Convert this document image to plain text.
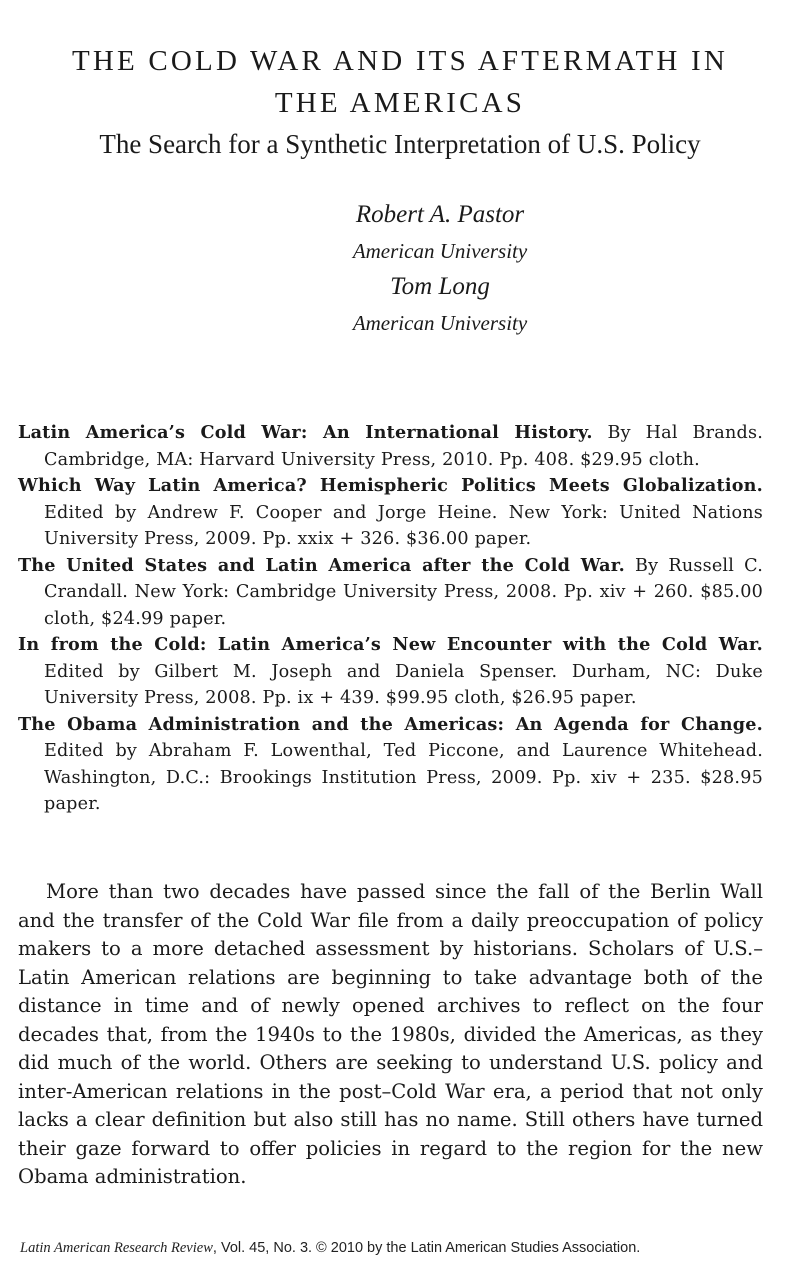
THE COLD WAR AND ITS AFTERMATH IN
THE AMERICAS
The Search for a Synthetic Interpretation of U.S. Policy
Robert A. Pastor
American University
Tom Long
American University

Latin America’s Cold War: An International History. By Hal Brands. Cambridge, MA: Harvard University Press, 2010. Pp. 408. $29.95 cloth.

Which Way Latin America? Hemispheric Politics Meets Globalization. Edited by Andrew F. Cooper and Jorge Heine. New York: United Nations University Press, 2009. Pp. xxix + 326. $36.00 paper.

The United States and Latin America after the Cold War. By Russell C. Crandall. New York: Cambridge University Press, 2008. Pp. xiv + 260. $85.00 cloth, $24.99 paper.

In from the Cold: Latin America’s New Encounter with the Cold War. Edited by Gilbert M. Joseph and Daniela Spenser. Durham, NC: Duke University Press, 2008. Pp. ix + 439. $99.95 cloth, $26.95 paper.

The Obama Administration and the Americas: An Agenda for Change. Edited by Abraham F. Lowenthal, Ted Piccone, and Laurence Whitehead. Washington, D.C.: Brookings Institution Press, 2009. Pp. xiv + 235. $28.95 paper.

More than two decades have passed since the fall of the Berlin Wall and the transfer of the Cold War file from a daily preoccupation of policy makers to a more detached assessment by historians. Scholars of U.S.–Latin American relations are beginning to take advantage both of the distance in time and of newly opened archives to reflect on the four decades that, from the 1940s to the 1980s, divided the Americas, as they did much of the world. Others are seeking to understand U.S. policy and inter-American relations in the post–Cold War era, a period that not only lacks a clear definition but also still has no name. Still others have turned their gaze forward to offer policies in regard to the region for the new Obama administration.

Latin American Research Review, Vol. 45, No. 3. © 2010 by the Latin American Studies Association.
